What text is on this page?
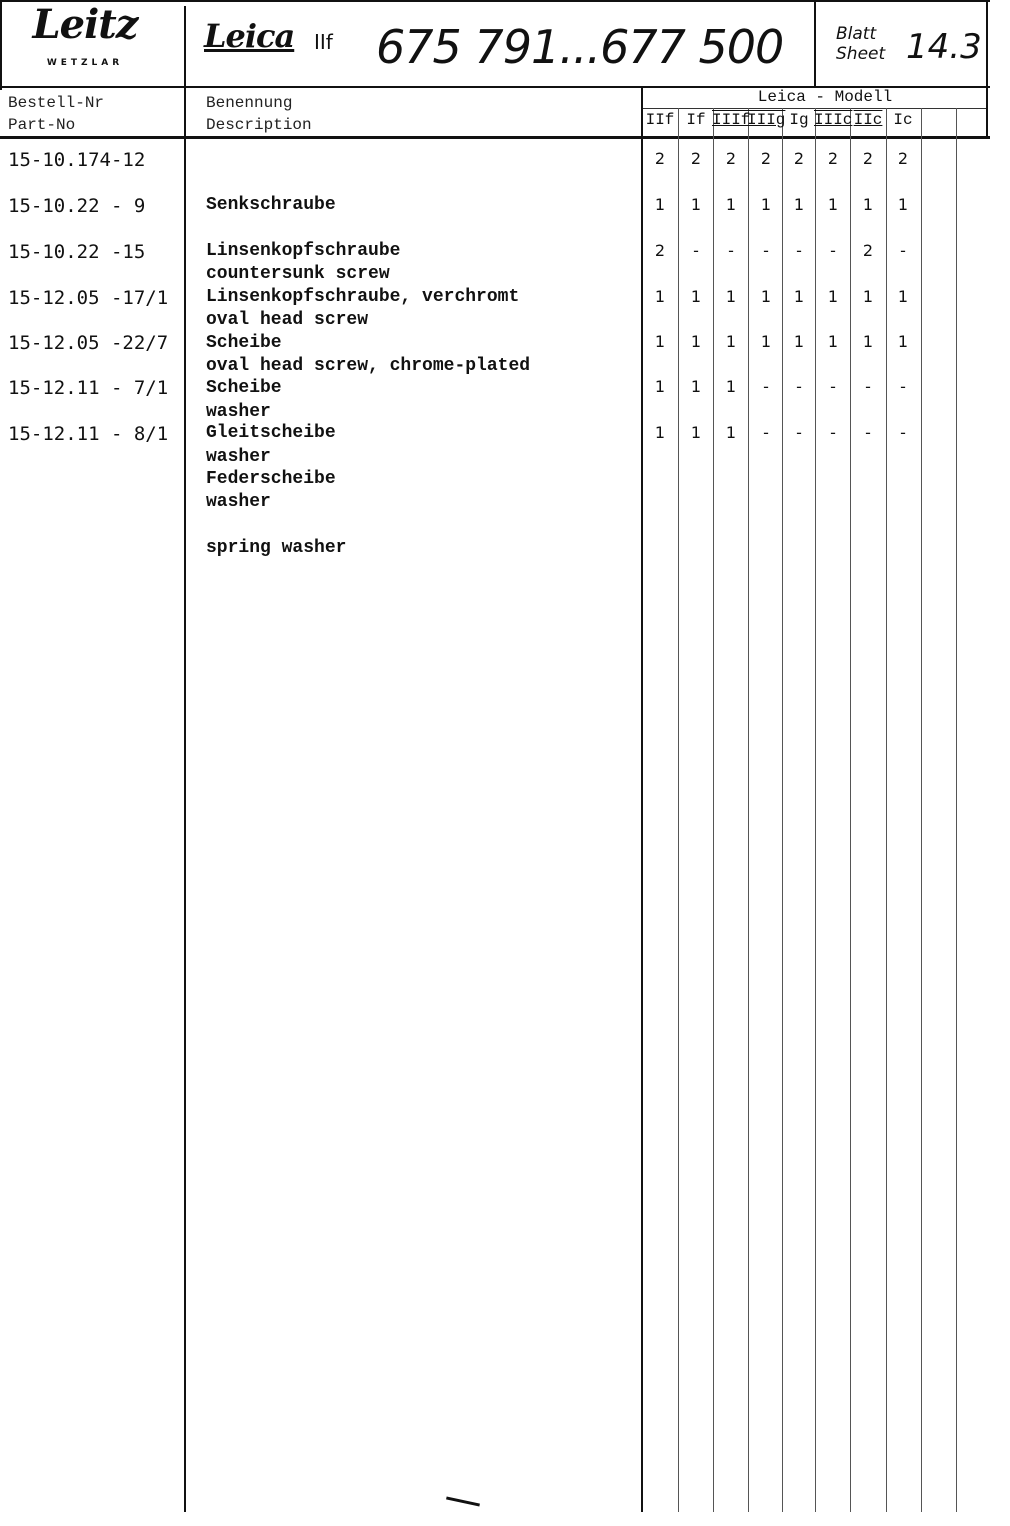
Leitz
WETZLAR
Leica IIf 675 791...677 500	Blatt
Sheet 14.3
Bestell-Nr
Part-No
Benennung
Description
Leica - Modell
IIf If IIIf
IIIg Ig IIIc IIc Ic
15-10.174-12

Senkschraube

countersunk screw

2	2	2	2	2	2	2	2
15-10.22 - 9

Linsenkopfschraube

oval head screw

1	1	1	1	1	1	1	1
15-10.22 -15

Linsenkopfschraube, verchromt

oval head screw, chrome-plated

2	-	-	-	-	-	2	-
15-12.05 -17/1

Scheibe

washer

1	1	1	1	1	1	1	1
15-12.05 -22/7

Scheibe

washer

1	1	1	1	1	1	1	1
15-12.11 - 7/1

Gleitscheibe

washer

1	1	1	-	-	-	-	-
15-12.11 - 8/1

Federscheibe

spring washer

1	1	1	-	-	-	-	-
